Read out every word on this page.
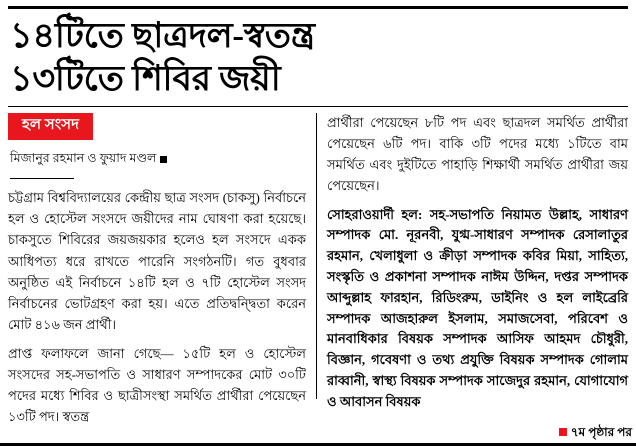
১৪টিতে ছাত্রদল-স্বতন্ত্র
১৩টিতে শিবির জয়ী
হল সংসদ
মিজানুর রহমান ও ফুয়াদ মণ্ডল

চট্টগ্রাম বিশ্ববিদ্যালয়ের কেন্দ্রীয় ছাত্র সংসদ (চাকসু) নির্বাচনে হল ও হোস্টেল সংসদে জয়ীদের নাম ঘোষণা করা হয়েছে। চাকসুতে শিবিরের জয়জয়কার হলেও হল সংসদে একক আধিপত্য ধরে রাখতে পারেনি সংগঠনটি। গত বুধবার অনুষ্ঠিত এই নির্বাচনে ১৪টি হল ও ৭টি হোস্টেল সংসদ নির্বাচনের ভোটগ্রহণ করা হয়। এতে প্রতিদ্বন্দ্বিতা করেন মোট ৪১৬ জন প্রার্থী।

প্রাপ্ত ফলাফলে জানা গেছে— ১৫টি হল ও হোস্টেল সংসদের সহ-সভাপতি ও সাধারণ সম্পাদকের মোট ৩০টি পদের মধ্যে শিবির ও ছাত্রীসংস্থা সমর্থিত প্রার্থীরা পেয়েছেন ১৩টি পদ। স্বতন্ত্র

প্রার্থীরা পেয়েছেন ৮টি পদ এবং ছাত্রদল সমর্থিত প্রার্থীরা পেয়েছেন ৬টি পদ। বাকি ৩টি পদের মধ্যে ১টিতে বাম সমর্থিত এবং দুইটিতে পাহাড়ি শিক্ষার্থী সমর্থিত প্রার্থীরা জয় পেয়েছেন।

সোহরাওয়ার্দী হল: সহ-সভাপতি নিয়ামত উল্লাহ, সাধারণ সম্পাদক মো. নূরনবী, যুগ্ম-সাধারণ সম্পাদক রেসালাতুর রহমান, খেলাধুলা ও ক্রীড়া সম্পাদক কবির মিয়া, সাহিত্য, সংস্কৃতি ও প্রকাশনা সম্পাদক নাঈম উদ্দিন, দপ্তর সম্পাদক আব্দুল্লাহ ফারহান, রিডিংরুম, ডাইনিং ও হল লাইব্রেরি সম্পাদক আজহারুল ইসলাম, সমাজসেবা, পরিবেশ ও মানবাধিকার বিষয়ক সম্পাদক আসিফ আহমদ চৌধুরী, বিজ্ঞান, গবেষণা ও তথ্য প্রযুক্তি বিষয়ক সম্পাদক গোলাম রাব্বানী, স্বাস্থ্য বিষয়ক সম্পাদক সাজেদুর রহমান, যোগাযোগ ও আবাসন বিষয়ক

৭ম পৃষ্ঠার পর
